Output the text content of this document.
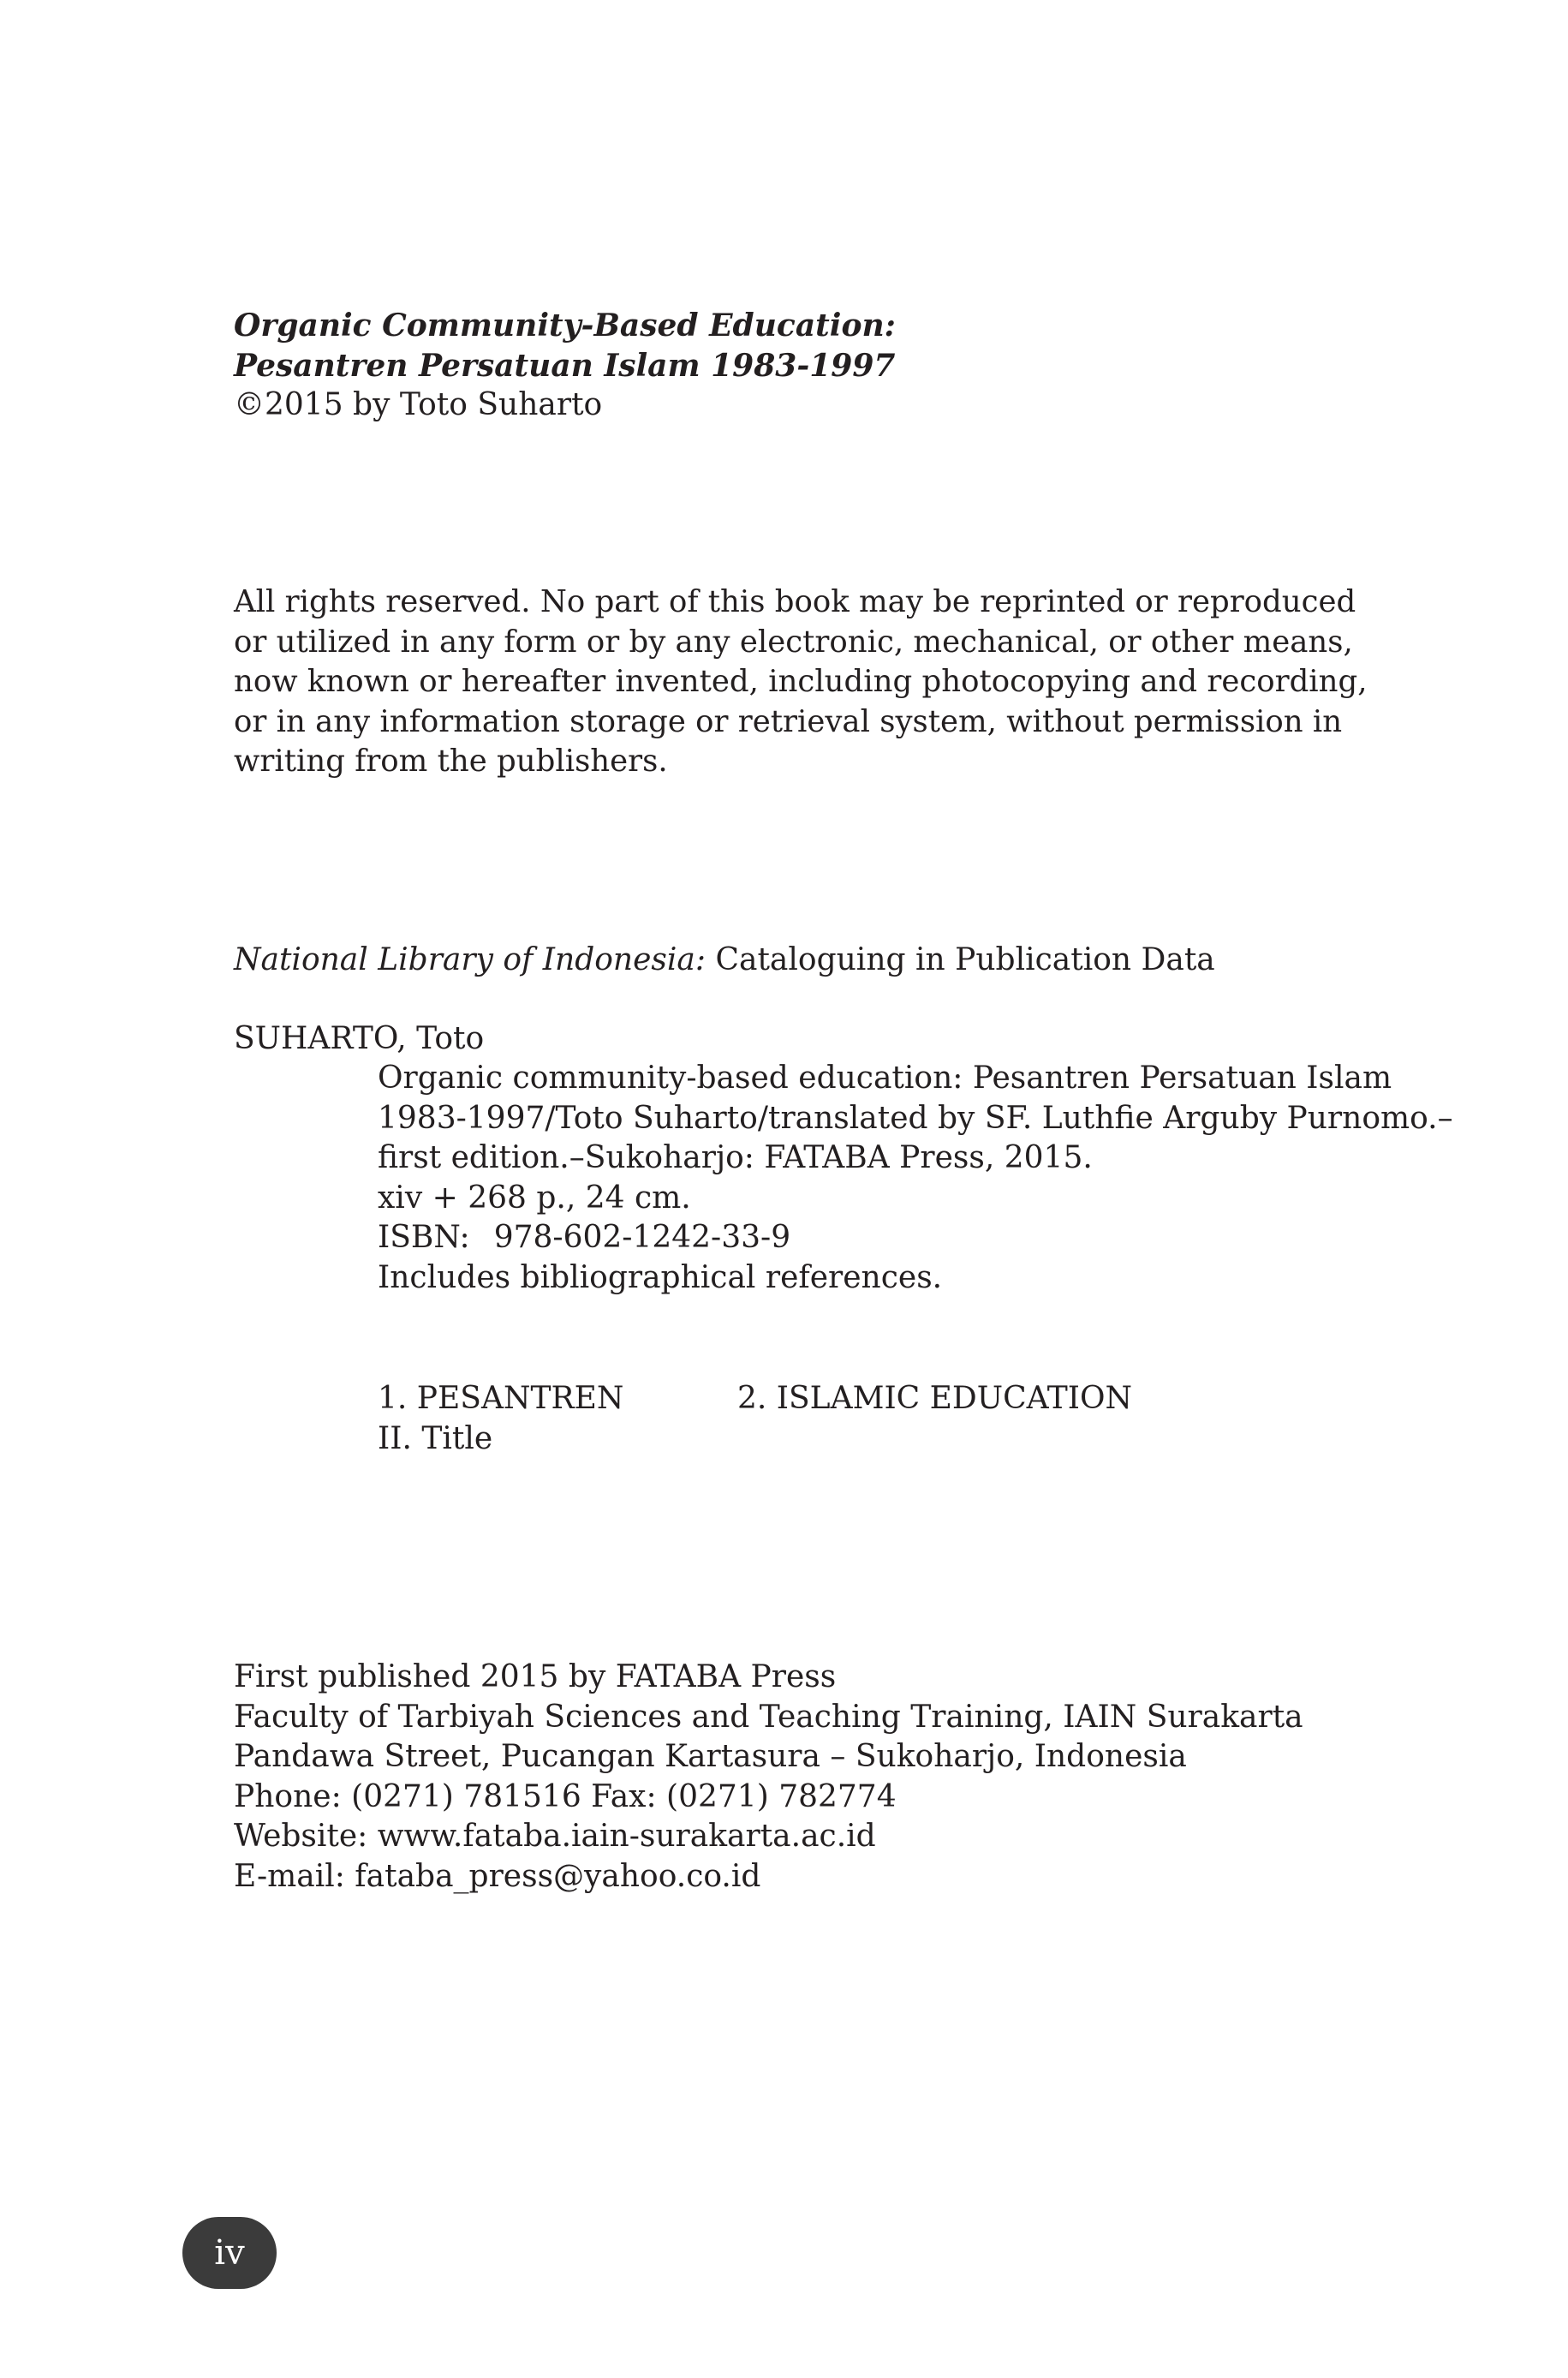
Organic Community-Based Education:
Pesantren Persatuan Islam 1983-1997
©2015 by Toto Suharto
All rights reserved. No part of this book may be reprinted or reproduced or utilized in any form or by any electronic, mechanical, or other means, now known or hereafter invented, including photocopying and recording, or in any information storage or retrieval system, without permission in writing from the publishers.
National Library of Indonesia: Cataloguing in Publication Data
SUHARTO, Toto
Organic community-based education: Pesantren Persatuan Islam
1983-1997/Toto Suharto/translated by SF. Luthfie Arguby Purnomo.–
first edition.–Sukoharjo: FATABA Press, 2015.
xiv + 268 p., 24 cm.
ISBN: 978-602-1242-33-9
Includes bibliographical references.
1. PESANTREN	2. ISLAMIC EDUCATION
II. Title
First published 2015 by FATABA Press
Faculty of Tarbiyah Sciences and Teaching Training, IAIN Surakarta
Pandawa Street, Pucangan Kartasura – Sukoharjo, Indonesia
Phone: (0271) 781516 Fax: (0271) 782774
Website: www.fataba.iain-surakarta.ac.id
E-mail: fataba_press@yahoo.co.id
iv
